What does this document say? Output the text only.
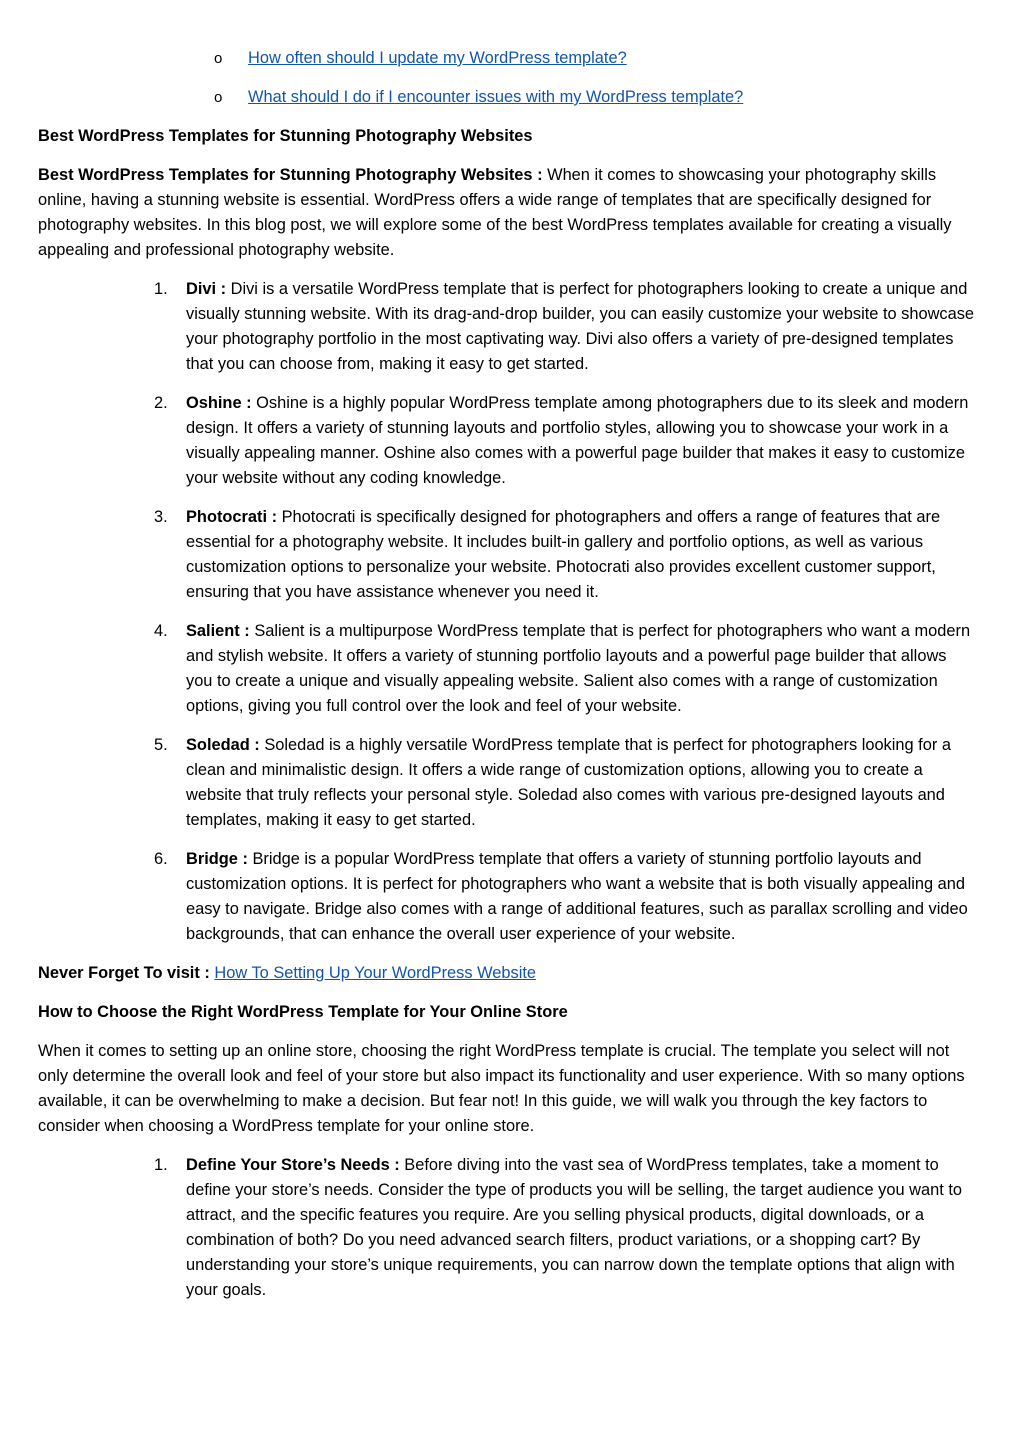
o How often should I update my WordPress template?
o What should I do if I encounter issues with my WordPress template?
Best WordPress Templates for Stunning Photography Websites

Best WordPress Templates for Stunning Photography Websites : When it comes to showcasing your photography skills online, having a stunning website is essential. WordPress offers a wide range of templates that are specifically designed for photography websites. In this blog post, we will explore some of the best WordPress templates available for creating a visually appealing and professional photography website.

1. Divi : Divi is a versatile WordPress template that is perfect for photographers looking to create a unique and visually stunning website. With its drag-and-drop builder, you can easily customize your website to showcase your photography portfolio in the most captivating way. Divi also offers a variety of pre-designed templates that you can choose from, making it easy to get started.
2. Oshine : Oshine is a highly popular WordPress template among photographers due to its sleek and modern design. It offers a variety of stunning layouts and portfolio styles, allowing you to showcase your work in a visually appealing manner. Oshine also comes with a powerful page builder that makes it easy to customize your website without any coding knowledge.
3. Photocrati : Photocrati is specifically designed for photographers and offers a range of features that are essential for a photography website. It includes built-in gallery and portfolio options, as well as various customization options to personalize your website. Photocrati also provides excellent customer support, ensuring that you have assistance whenever you need it.
4. Salient : Salient is a multipurpose WordPress template that is perfect for photographers who want a modern and stylish website. It offers a variety of stunning portfolio layouts and a powerful page builder that allows you to create a unique and visually appealing website. Salient also comes with a range of customization options, giving you full control over the look and feel of your website.
5. Soledad : Soledad is a highly versatile WordPress template that is perfect for photographers looking for a clean and minimalistic design. It offers a wide range of customization options, allowing you to create a website that truly reflects your personal style. Soledad also comes with various pre-designed layouts and templates, making it easy to get started.
6. Bridge : Bridge is a popular WordPress template that offers a variety of stunning portfolio layouts and customization options. It is perfect for photographers who want a website that is both visually appealing and easy to navigate. Bridge also comes with a range of additional features, such as parallax scrolling and video backgrounds, that can enhance the overall user experience of your website.

Never Forget To visit : How To Setting Up Your WordPress Website

How to Choose the Right WordPress Template for Your Online Store

When it comes to setting up an online store, choosing the right WordPress template is crucial. The template you select will not only determine the overall look and feel of your store but also impact its functionality and user experience. With so many options available, it can be overwhelming to make a decision. But fear not! In this guide, we will walk you through the key factors to consider when choosing a WordPress template for your online store.

1. Define Your Store’s Needs : Before diving into the vast sea of WordPress templates, take a moment to define your store’s needs. Consider the type of products you will be selling, the target audience you want to attract, and the specific features you require. Are you selling physical products, digital downloads, or a combination of both? Do you need advanced search filters, product variations, or a shopping cart? By understanding your store’s unique requirements, you can narrow down the template options that align with your goals.
